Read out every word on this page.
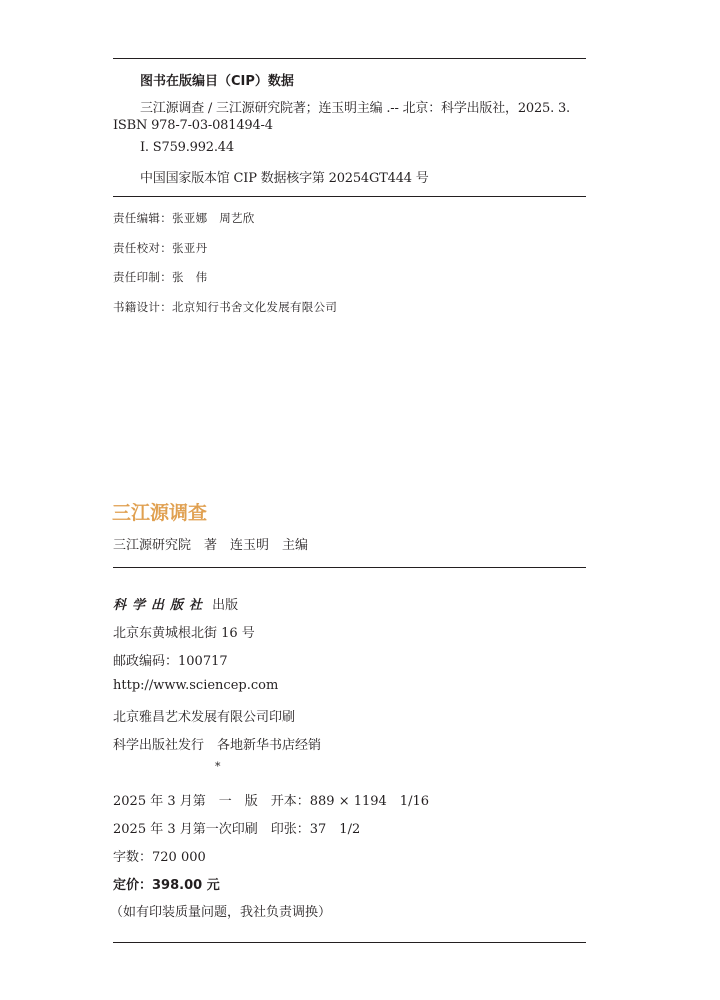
图书在版编目（CIP）数据
三江源调查 / 三江源研究院著；连玉明主编 .-- 北京：科学出版社，2025. 3.
ISBN 978-7-03-081494-4
Ⅰ. S759.992.44
中国国家版本馆 CIP 数据核字第 20254GT444 号
责任编辑：张亚娜　周艺欣
责任校对：张亚丹
责任印制：张　伟
书籍设计：北京知行书舍文化发展有限公司
三江源调查
三江源研究院　著　连玉明　主编
科学出版社 出版
北京东黄城根北街 16 号
邮政编码：100717
http://www.sciencep.com
北京雅昌艺术发展有限公司印刷
科学出版社发行　各地新华书店经销
*
2025 年 3 月第　一　版　开本：889 × 1194　1/16
2025 年 3 月第一次印刷　印张：37　1/2
字数：720 000
定价：398.00 元
（如有印装质量问题，我社负责调换）
